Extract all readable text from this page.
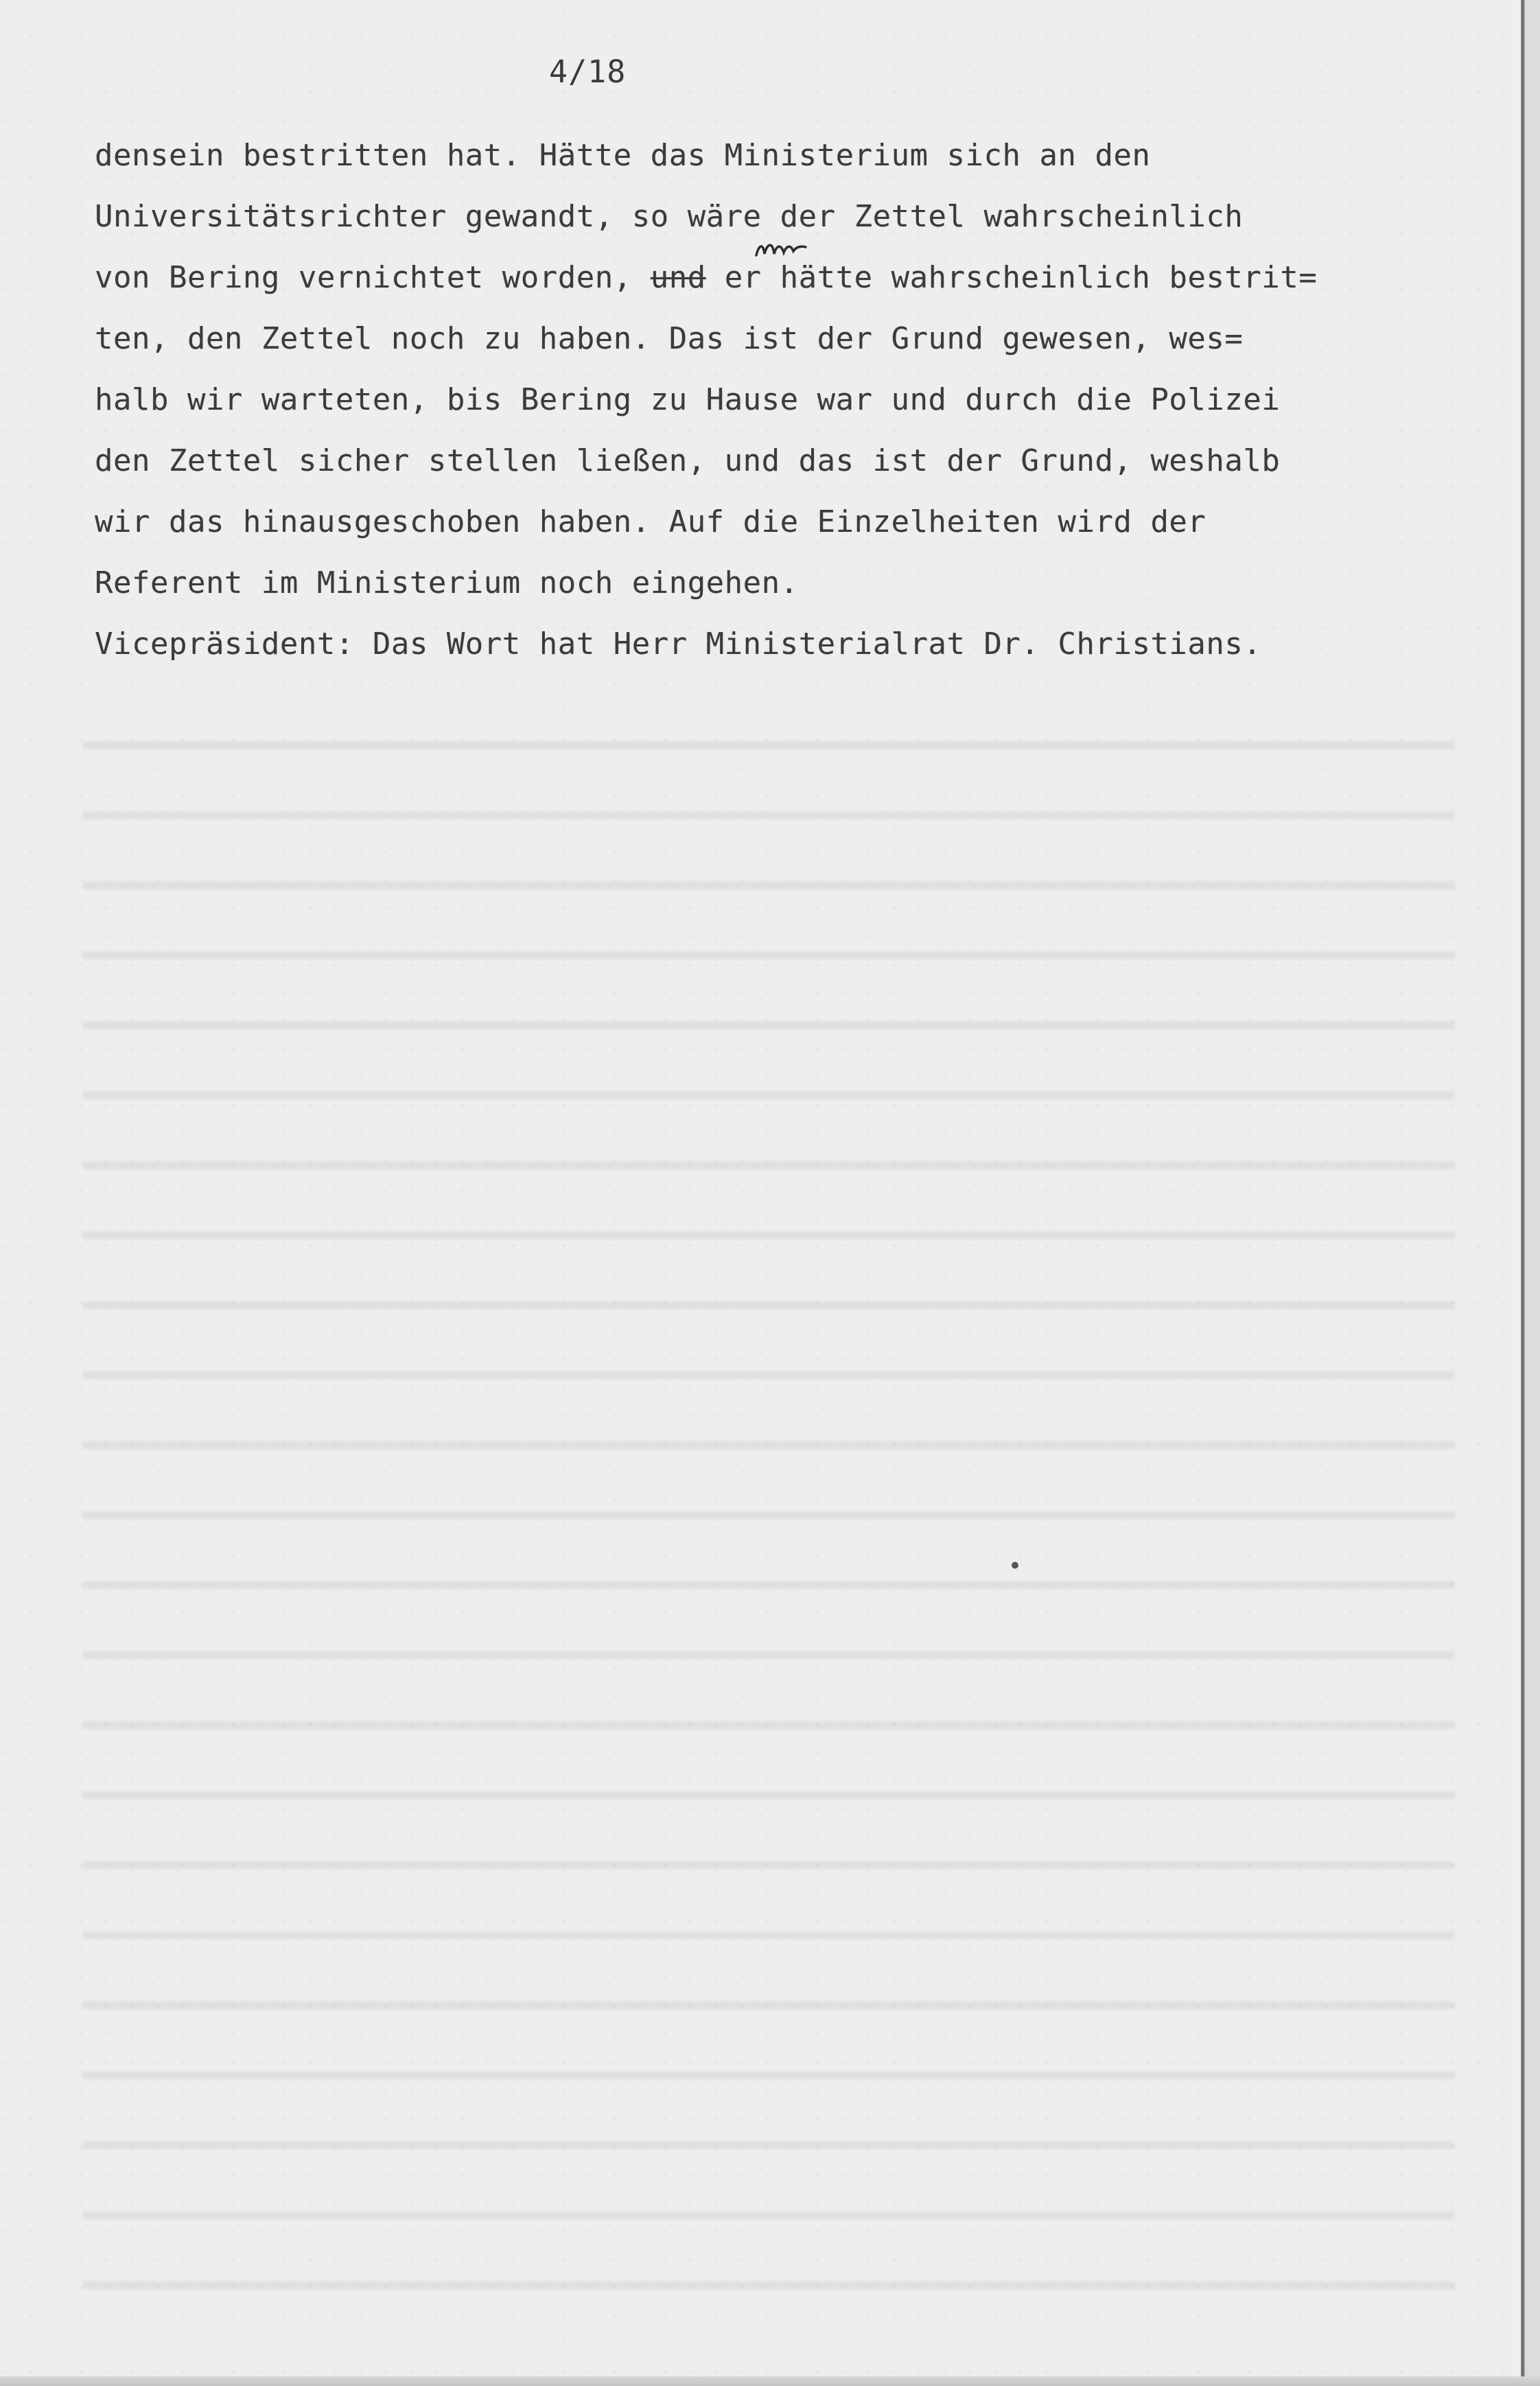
4/18
densein bestritten hat. Hätte das Ministerium sich an den
Universitätsrichter gewandt, so wäre der Zettel wahrscheinlich
von Bering vernichtet worden, und er hätte wahrscheinlich bestrit=
ten, den Zettel noch zu haben. Das ist der Grund gewesen, wes=
halb wir warteten, bis Bering zu Hause war und durch die Polizei
den Zettel sicher stellen ließen, und das ist der Grund, weshalb
wir das hinausgeschoben haben. Auf die Einzelheiten wird der
Referent im Ministerium noch eingehen.
Vicepräsident: Das Wort hat Herr Ministerialrat Dr. Christians.
